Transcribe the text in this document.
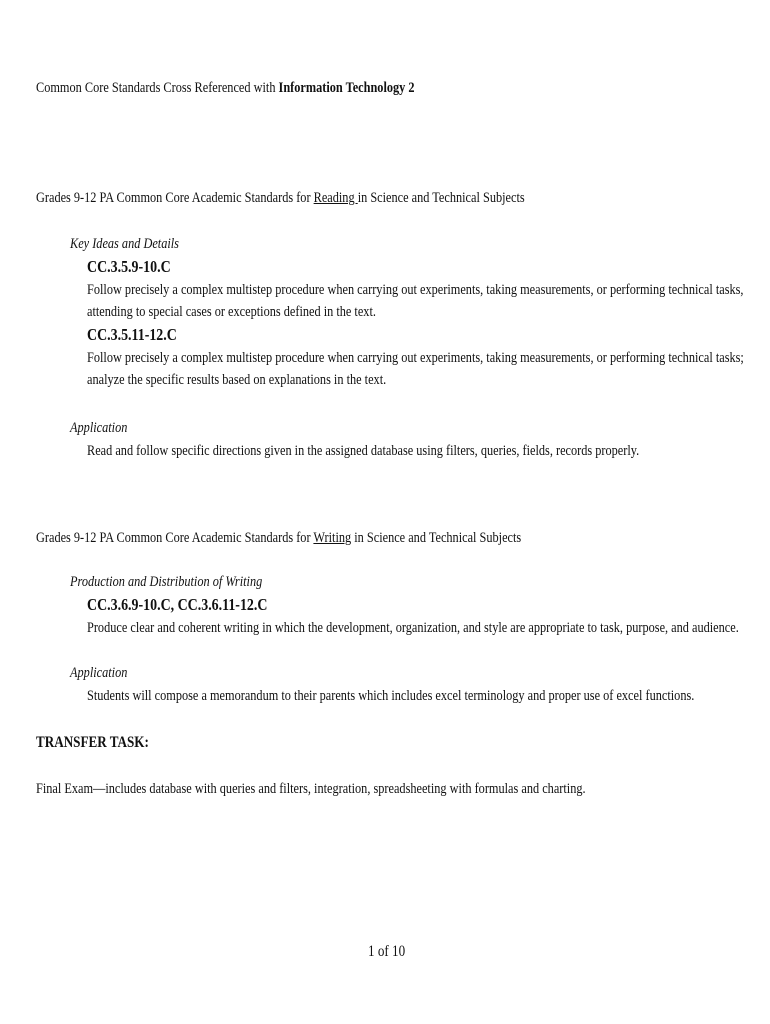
Common Core Standards Cross Referenced with Information Technology 2
Grades 9-12 PA Common Core Academic Standards for Reading in Science and Technical Subjects
Key Ideas and Details
CC.3.5.9-10.C
Follow precisely a complex multistep procedure when carrying out experiments, taking measurements, or performing technical tasks,
attending to special cases or exceptions defined in the text.
CC.3.5.11-12.C
Follow precisely a complex multistep procedure when carrying out experiments, taking measurements, or performing technical tasks;
analyze the specific results based on explanations in the text.
Application
Read and follow specific directions given in the assigned database using filters, queries, fields, records properly.
Grades 9-12 PA Common Core Academic Standards for Writing in Science and Technical Subjects
Production and Distribution of Writing
CC.3.6.9-10.C, CC.3.6.11-12.C
Produce clear and coherent writing in which the development, organization, and style are appropriate to task, purpose, and audience.
Application
Students will compose a memorandum to their parents which includes excel terminology and proper use of excel functions.
TRANSFER TASK:
Final Exam—includes database with queries and filters, integration, spreadsheeting with formulas and charting.
1 of 10
